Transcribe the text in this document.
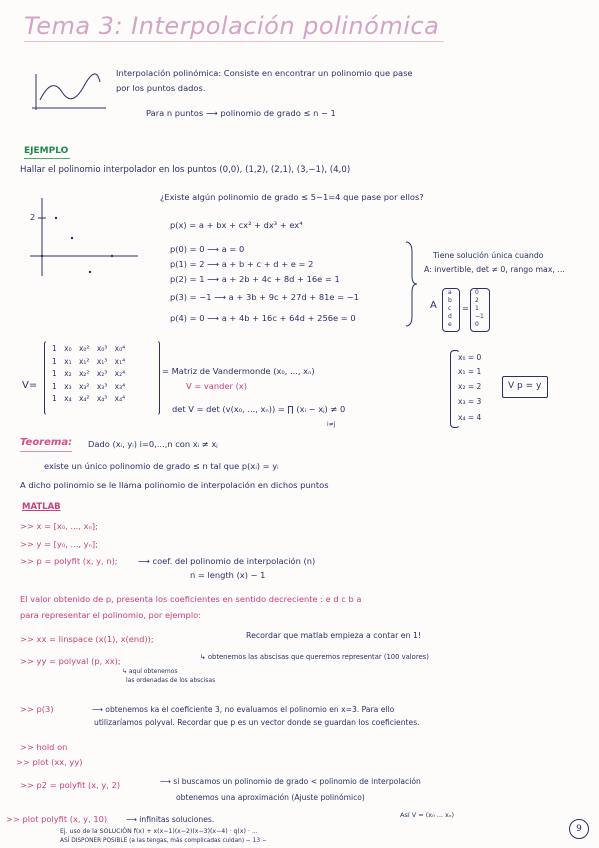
Tema 3: Interpolación polinómica
Interpolación polinómica: Consiste en encontrar un polinomio que pase
por los puntos dados.
Para n puntos ⟶ polinomio de grado ≤ n − 1
EJEMPLO
Hallar el polinomio interpolador en los puntos (0,0), (1,2), (2,1), (3,−1), (4,0)
2
¿Existe algún polinomio de grado ≤ 5−1=4 que pase por ellos?
p(x) = a + bx + cx² + dx³ + ex⁴
p(0) = 0 ⟶ a = 0
p(1) = 2 ⟶ a + b + c + d + e = 2
p(2) = 1 ⟶ a + 2b + 4c + 8d + 16e = 1
p(3) = −1 ⟶ a + 3b + 9c + 27d + 81e = −1
p(4) = 0 ⟶ a + 4b + 16c + 64d + 256e = 0
Tiene solución única cuando
A: invertible, det ≠ 0, rango max, ...
A
a
b
c
d
e
=
0
2
1
−1
0
V=
1 x₀ x₀² x₀³ x₀⁴
1 x₁ x₁² x₁³ x₁⁴
1 x₂ x₂² x₂³ x₂⁴
1 x₃ x₃² x₃³ x₃⁴
1 x₄ x₄² x₄³ x₄⁴
= Matriz de Vandermonde (x₀, ..., xₙ)
V = vander (x)
det V = det (v(x₀, ..., xₙ)) = ∏ (xᵢ − xⱼ) ≠ 0
i≠j
x₀ = 0
x₁ = 1
x₂ = 2
x₃ = 3
x₄ = 4
V p = y
Teorema: Dado (xᵢ, yᵢ) i=0,...,n con xᵢ ≠ xⱼ
existe un único polinomio de grado ≤ n tal que p(xᵢ) = yᵢ
A dicho polinomio se le llama polinomio de interpolación en dichos puntos
MATLAB
>> x = [x₀, ..., xₙ];
>> y = [y₀, ..., yₙ];
>> p = polyfit (x, y, n); ⟶ coef. del polinomio de interpolación (n)
n = length (x) − 1
El valor obtenido de p, presenta los coeficientes en sentido decreciente : e d c b a
para representar el polinomio, por ejemplo:
>> xx = linspace (x(1), x(end));	Recordar que matlab empieza a contar en 1!
>> yy = polyval (p, xx);	↳ obtenemos las abscisas que queremos representar (100 valores)
↳ aquí obtenemos
las ordenadas de los abscisas
>> p(3)	⟶ obtenemos ka el coeficiente 3, no evaluamos el polinomio en x=3. Para ello
utilizaríamos polyval. Recordar que p es un vector donde se guardan los coeficientes.
>> hold on
>> plot (xx, yy)
>> p2 = polyfit (x, y, 2)	⟶ si buscamos un polinomio de grado < polinomio de interpolación
obtenemos una aproximación (Ajuste polinómico)
>> plot polyfit (x, y, 10) ⟶ infinitas soluciones.
Ej. uso de la SOLUCIÓN f(x) + x(x−1)(x−2)(x−3)(x−4) · q(x) · ...
ASÍ DISPONER POSIBLE (a las tengas, más complicadas cuidan) − 13 −
Así V = (x₀ ... xₙ)
9
